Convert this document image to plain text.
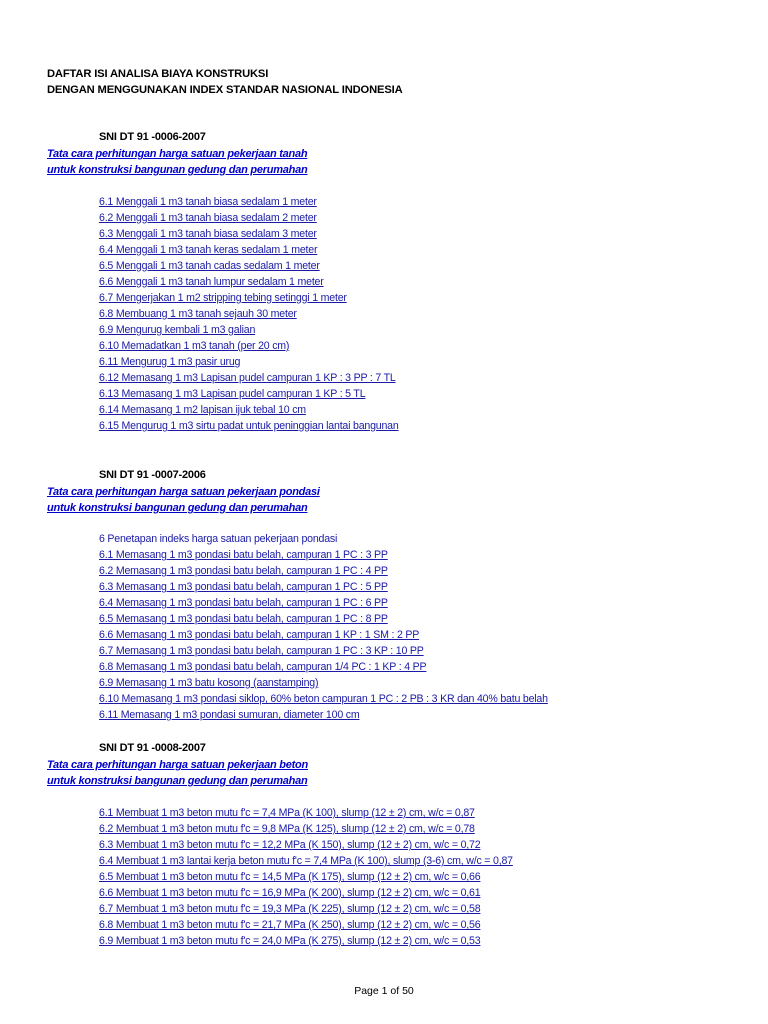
DAFTAR ISI ANALISA BIAYA KONSTRUKSI
DENGAN MENGGUNAKAN INDEX STANDAR NASIONAL INDONESIA
SNI DT 91 -0006-2007
Tata cara perhitungan harga satuan pekerjaan tanah
untuk konstruksi bangunan gedung dan perumahan
6.1 Menggali 1 m3 tanah biasa sedalam 1 meter
6.2 Menggali 1 m3 tanah biasa sedalam 2 meter
6.3 Menggali 1 m3 tanah biasa sedalam 3 meter
6.4 Menggali 1 m3 tanah keras sedalam 1 meter
6.5 Menggali 1 m3 tanah cadas sedalam 1 meter
6.6 Menggali 1 m3 tanah lumpur sedalam 1 meter
6.7 Mengerjakan 1 m2 stripping tebing setinggi 1 meter
6.8 Membuang 1 m3 tanah sejauh 30 meter
6.9 Mengurug kembali 1 m3 galian
6.10 Memadatkan 1 m3 tanah (per 20 cm)
6.11 Mengurug 1 m3 pasir urug
6.12 Memasang 1 m3 Lapisan pudel campuran 1 KP : 3 PP : 7 TL
6.13 Memasang 1 m3 Lapisan pudel campuran 1 KP : 5 TL
6.14 Memasang 1 m2 lapisan ijuk tebal 10 cm
6.15 Mengurug 1 m3 sirtu padat untuk peninggian lantai bangunan
SNI DT 91 -0007-2006
Tata cara perhitungan harga satuan pekerjaan pondasi
untuk konstruksi bangunan gedung dan perumahan
6 Penetapan indeks harga satuan pekerjaan pondasi
6.1 Memasang 1 m3 pondasi batu belah, campuran 1 PC : 3 PP
6.2 Memasang 1 m3 pondasi batu belah, campuran 1 PC : 4 PP
6.3 Memasang 1 m3 pondasi batu belah, campuran 1 PC : 5 PP
6.4 Memasang 1 m3 pondasi batu belah, campuran 1 PC : 6 PP
6.5 Memasang 1 m3 pondasi batu belah, campuran 1 PC : 8 PP
6.6 Memasang 1 m3 pondasi batu belah, campuran 1 KP : 1 SM : 2 PP
6.7 Memasang 1 m3 pondasi batu belah, campuran 1 PC : 3 KP : 10 PP
6.8 Memasang 1 m3 pondasi batu belah, campuran 1/4 PC : 1 KP : 4 PP
6.9 Memasang 1 m3 batu kosong (aanstamping)
6.10 Memasang 1 m3 pondasi siklop, 60% beton campuran 1 PC : 2 PB : 3 KR dan 40% batu belah
6.11 Memasang 1 m3 pondasi sumuran, diameter 100 cm
SNI DT 91 -0008-2007
Tata cara perhitungan harga satuan pekerjaan beton
untuk konstruksi bangunan gedung dan perumahan
6.1 Membuat 1 m3 beton mutu f'c = 7,4 MPa (K 100), slump (12 ± 2) cm, w/c = 0,87
6.2 Membuat 1 m3 beton mutu f'c = 9,8 MPa (K 125), slump (12 ± 2) cm, w/c = 0,78
6.3 Membuat 1 m3 beton mutu f'c = 12,2 MPa (K 150), slump (12 ± 2) cm, w/c = 0,72
6.4 Membuat 1 m3 lantai kerja beton mutu f'c = 7,4 MPa (K 100), slump (3-6) cm, w/c = 0,87
6.5 Membuat 1 m3 beton mutu f'c = 14,5 MPa (K 175), slump (12 ± 2) cm, w/c = 0,66
6.6 Membuat 1 m3 beton mutu f'c = 16,9 MPa (K 200), slump (12 ± 2) cm, w/c = 0,61
6.7 Membuat 1 m3 beton mutu f'c = 19,3 MPa (K 225), slump (12 ± 2) cm, w/c = 0,58
6.8 Membuat 1 m3 beton mutu f'c = 21,7 MPa (K 250), slump (12 ± 2) cm, w/c = 0,56
6.9 Membuat 1 m3 beton mutu f'c = 24,0 MPa (K 275), slump (12 ± 2) cm, w/c = 0,53
Page 1 of 50
